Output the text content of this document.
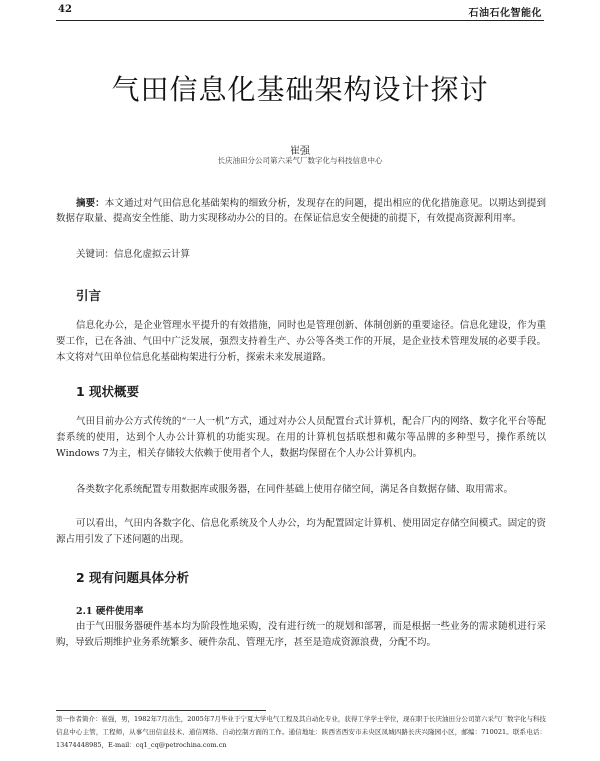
42	石油石化智能化
气田信息化基础架构设计探讨
崔强
长庆油田分公司第六采气厂数字化与科技信息中心
摘要：本文通过对气田信息化基础架构的细致分析，发现存在的问题，提出相应的优化措施意见。以期达到提到数据存取量、提高安全性能、助力实现移动办公的目的。在保证信息安全便捷的前提下，有效提高资源利用率。
关键词：信息化虚拟云计算
引言
信息化办公，是企业管理水平提升的有效措施，同时也是管理创新、体制创新的重要途径。信息化建设，作为重要工作，已在各油、气田中广泛发展，强烈支持着生产、办公等各类工作的开展，是企业技术管理发展的必要手段。本文将对气田单位信息化基础构架进行分析，探索未来发展道路。
1 现状概要
气田目前办公方式传统的“一人一机”方式，通过对办公人员配置台式计算机，配合厂内的网络、数字化平台等配套系统的使用，达到个人办公计算机的功能实现。在用的计算机包括联想和戴尔等品牌的多种型号，操作系统以Windows 7为主，相关存储较大依赖于使用者个人，数据均保留在个人办公计算机内。
各类数字化系统配置专用数据库或服务器，在同件基础上使用存储空间，满足各自数据存储、取用需求。
可以看出，气田内各数字化、信息化系统及个人办公，均为配置固定计算机、使用固定存储空间模式。固定的资源占用引发了下述问题的出现。
2 现有问题具体分析
2.1 硬件使用率
由于气田服务器硬件基本均为阶段性地采购，没有进行统一的规划和部署，而是根据一些业务的需求随机进行采购，导致后期维护业务系统繁多、硬件杂乱、管理无序，甚至是造成资源浪费，分配不均。
第一作者简介：崔强，男，1982年7月出生，2005年7月毕业于宁夏大学电气工程及其自动化专业，获得工学学士学位，现在职于长庆油田分公司第六采气厂数字化与科技信息中心主管，工程师，从事气田信息技术、通信网络、自动控制方面的工作。通信地址：陕西省西安市未央区凤城四路长庆兴隆园小区，邮编：710021。联系电话：13474448985，E-mail：cq1_cq@petrochina.com.cn
